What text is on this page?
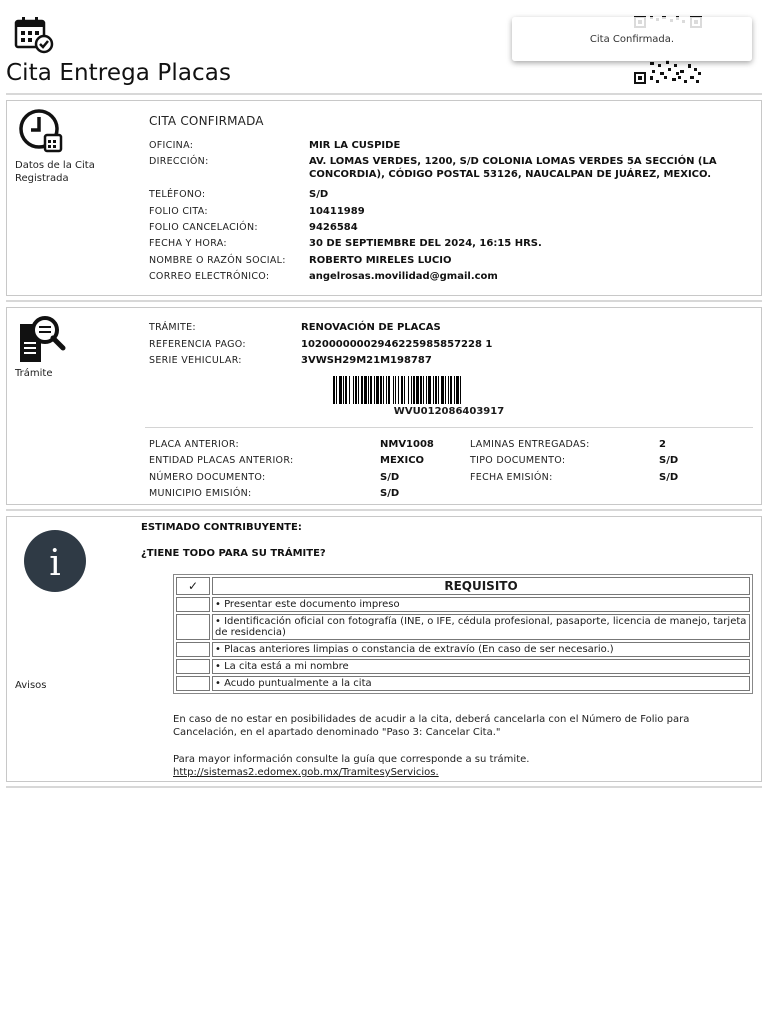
Cita Entrega Placas
Cita Confirmada.
Datos de la Cita Registrada
CITA CONFIRMADA
OFICINA:	MIR LA CUSPIDE
DIRECCIÓN:	AV. LOMAS VERDES, 1200, S/D COLONIA LOMAS VERDES 5A SECCIÓN (LA CONCORDIA), CÓDIGO POSTAL 53126, NAUCALPAN DE JUÁREZ, MEXICO.
TELÉFONO:	S/D
FOLIO CITA:	10411989
FOLIO CANCELACIÓN:	9426584
FECHA Y HORA:	30 DE SEPTIEMBRE DEL 2024, 16:15 HRS.
NOMBRE O RAZÓN SOCIAL: ROBERTO MIRELES LUCIO
CORREO ELECTRÓNICO:	angelrosas.movilidad@gmail.com
Trámite
TRÁMITE:	RENOVACIÓN DE PLACAS
REFERENCIA PAGO:	10200000002946225985857228 1
SERIE VEHICULAR:	3VWSH29M21M198787
WVU012086403917
PLACA ANTERIOR:	NMV1008
ENTIDAD PLACAS ANTERIOR:	MEXICO
NÚMERO DOCUMENTO:	S/D
MUNICIPIO EMISIÓN:	S/D
LAMINAS ENTREGADAS:	2
TIPO DOCUMENTO:	S/D
FECHA EMISIÓN:	S/D
i
Avisos
ESTIMADO CONTRIBUYENTE:
¿TIENE TODO PARA SU TRÁMITE?
✓	REQUISITO
	• Presentar este documento impreso
	• Identificación oficial con fotografía (INE, o IFE, cédula profesional, pasaporte, licencia de manejo, tarjeta de residencia)
	• Placas anteriores limpias o constancia de extravío (En caso de ser necesario.)
	• La cita está a mi nombre
	• Acudo puntualmente a la cita
En caso de no estar en posibilidades de acudir a la cita, deberá cancelarla con el Número de Folio para Cancelación, en el apartado denominado "Paso 3: Cancelar Cita."
Para mayor información consulte la guía que corresponde a su trámite.
http://sistemas2.edomex.gob.mx/TramitesyServicios.
